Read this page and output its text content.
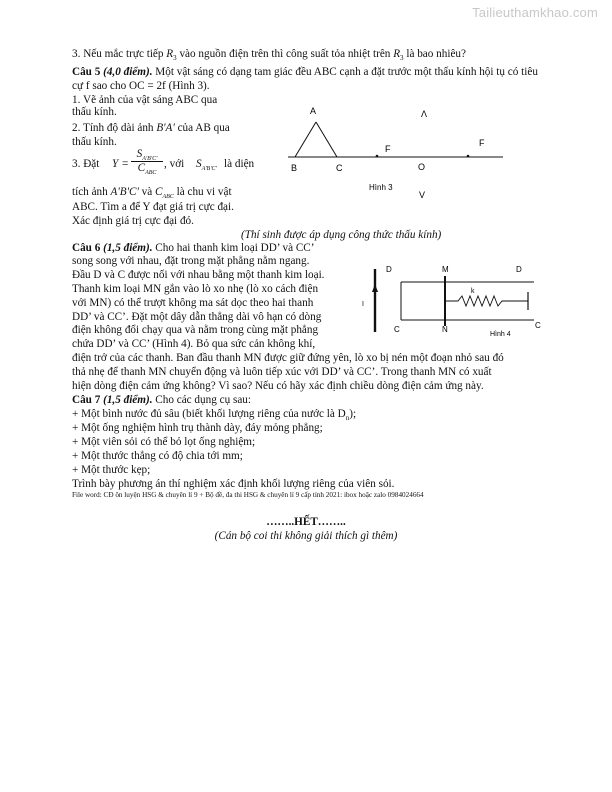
Tailieuthamkhao.com
3. Nếu mắc trực tiếp $R_3$ vào nguồn điện trên thì công suất tỏa nhiệt trên $R_3$ là bao nhiêu?
Câu 5 (4,0 điểm). Một vật sáng có dạng tam giác đều ABC cạnh a đặt trước một thấu kính hội tụ có tiêu
cự f sao cho OC = 2f (Hình 3).
1. Vẽ ảnh của vật sáng ABC qua
thấu kính.
2. Tính độ dài ảnh B'A' của AB qua
thấu kính.
3. Đặt Y =
$S_{A'B'C'}$
$C_{ABC}$
, với $S_{A'B'C'}$ là diện
tích ảnh A'B'C' và $C_{ABC}$ là chu vi vật
ABC. Tìm a để Y đạt giá trị cực đại.
Xác định giá trị cực đại đó.
(Thí sinh được áp dụng công thức thấu kính)
A	Λ
B	C
F
F
O
V
Hình 3
Câu 6 (1,5 điểm). Cho hai thanh kim loại DD’ và CC’
song song với nhau, đặt trong mặt phẳng nằm ngang.
Đầu D và C được nối với nhau bằng một thanh kim loại.
Thanh kim loại MN gắn vào lò xo nhẹ (lò xo cách điện
với MN) có thể trượt không ma sát dọc theo hai thanh
DD’ và CC’. Đặt một dây dẫn thẳng dài vô hạn có dòng
điện không đổi chạy qua và nằm trong cùng mặt phẳng
chứa DD’ và CC’ (Hình 4). Bỏ qua sức cản không khí,
điện trở của các thanh. Ban đầu thanh MN được giữ đứng yên, lò xo bị nén một đoạn nhỏ sau đó
thả nhẹ để thanh MN chuyển động và luôn tiếp xúc với DD’ và CC’. Trong thanh MN có xuất
hiện dòng điện cảm ứng không? Vì sao? Nếu có hãy xác định chiều dòng điện cảm ứng này.
D	M	D
I
k
C	N	C
Hình 4
Câu 7 (1,5 điểm). Cho các dụng cụ sau:
+ Một bình nước đủ sâu (biết khối lượng riêng của nước là $D_n$);
+ Một ống nghiệm hình trụ thành dày, đáy mỏng phẳng;
+ Một viên sỏi có thể bỏ lọt ống nghiệm;
+ Một thước thẳng có độ chia tới mm;
+ Một thước kẹp;
Trình bày phương án thí nghiệm xác định khối lượng riêng của viên sỏi.
File word: CĐ ôn luyện HSG & chuyên lí 9 + Bộ đề, đa thi HSG & chuyên lí 9 cấp tỉnh 2021: ibox hoặc zalo 0984024664
……..HẾT……..
(Cán bộ coi thi không giải thích gì thêm)
